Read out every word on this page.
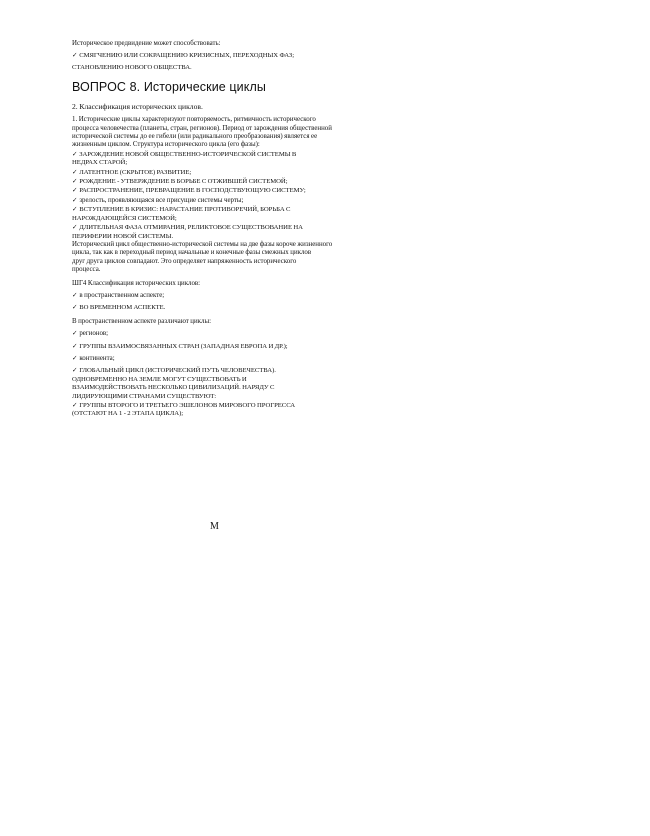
Историческое предвидение может способствовать:
✓ СМЯГЧЕНИЮ ИЛИ СОКРАЩЕНИЮ КРИЗИСНЫХ, ПЕРЕХОДНЫХ ФАЗ;
СТАНОВЛЕНИЮ НОВОГО ОБЩЕСТВА.
ВОПРОС 8. Исторические циклы
2. Классификация исторических циклов.
1. Исторические циклы характеризуют повторяемость, ритмичность исторического
процесса человечества (планеты, стран, регионов). Период от зарождения общественной
исторической системы до ее гибели (или радикального преобразования) является ее
жизненным циклом. Структура исторического цикла (его фазы):
✓ ЗАРОЖДЕНИЕ НОВОЙ ОБЩЕСТВЕННО-ИСТОРИЧЕСКОЙ СИСТЕМЫ В
НЕДРАХ СТАРОЙ;
✓ ЛАТЕНТНОЕ (СКРЫТОЕ) РАЗВИТИЕ;
✓ РОЖДЕНИЕ - УТВЕРЖДЕНИЕ В БОРЬБЕ С ОТЖИВШЕЙ СИСТЕМОЙ;
✓ РАСПРОСТРАНЕНИЕ, ПРЕВРАЩЕНИЕ В ГОСПОДСТВУЮЩУЮ СИСТЕМУ;
✓ зрелость, проявляющаяся все присущие системы черты;
✓ ВСТУПЛЕНИЕ В КРИЗИС: НАРАСТАНИЕ ПРОТИВОРЕЧИЙ, БОРЬБА С
НАРОЖДАЮЩЕЙСЯ СИСТЕМОЙ;
✓ ДЛИТЕЛЬНАЯ ФАЗА ОТМИРАНИЯ, РЕЛИКТОВОЕ СУЩЕСТВОВАНИЕ НА
ПЕРИФЕРИИ НОВОЙ СИСТЕМЫ.
Исторический цикл общественно-исторической системы на две фазы короче жизненного
цикла, так как в переходный период начальные и конечные фазы смежных циклов
друг друга циклов совпадают. Это определяет напряженность исторического
процесса.
ШГ4 Классификация исторических циклов:
✓ в пространственном аспекте;
✓ ВО ВРЕМЕННОМ АСПЕКТЕ.
В пространственном аспекте различают циклы:
✓ регионов;
✓ ГРУППЫ ВЗАИМОСВЯЗАННЫХ СТРАН (ЗАПАДНАЯ ЕВРОПА И ДР.);
✓ континента;
✓ ГЛОБАЛЬНЫЙ ЦИКЛ (ИСТОРИЧЕСКИЙ ПУТЬ ЧЕЛОВЕЧЕСТВА).
ОДНОВРЕМЕННО НА ЗЕМЛЕ МОГУТ СУЩЕСТВОВАТЬ И
ВЗАИМОДЕЙСТВОВАТЬ НЕСКОЛЬКО ЦИВИЛИЗАЦИЙ. НАРЯДУ С
ЛИДИРУЮЩИМИ СТРАНАМИ СУЩЕСТВУЮТ:
✓ ГРУППЫ ВТОРОГО И ТРЕТЬЕГО ЭШЕЛОНОВ МИРОВОГО ПРОГРЕССА
(ОТСТАЮТ НА 1 - 2 ЭТАПА ЦИКЛА);
М
